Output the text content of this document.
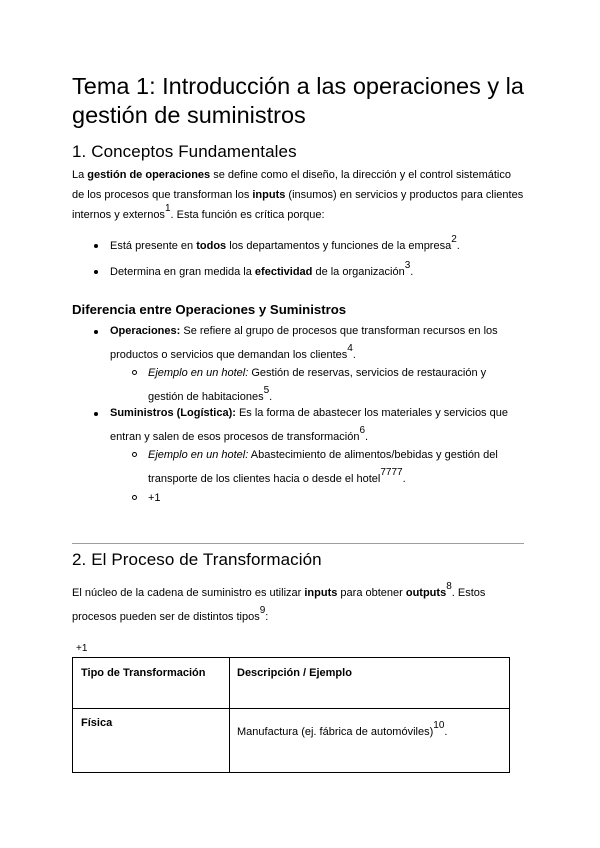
Tema 1: Introducción a las operaciones y la gestión de suministros
1. Conceptos Fundamentales

La gestión de operaciones se define como el diseño, la dirección y el control sistemático de los procesos que transforman los inputs (insumos) en servicios y productos para clientes internos y externos$^1$. Esta función es crítica porque:

Está presente en todos los departamentos y funciones de la empresa$^2$.

Determina en gran medida la efectividad de la organización$^3$.

Diferencia entre Operaciones y Suministros

Operaciones: Se refiere al grupo de procesos que transforman recursos en los productos o servicios que demandan los clientes$^4$.

Ejemplo en un hotel: Gestión de reservas, servicios de restauración y gestión de habitaciones$^5$.

Suministros (Logística): Es la forma de abastecer los materiales y servicios que entran y salen de esos procesos de transformación$^6$.

Ejemplo en un hotel: Abastecimiento de alimentos/bebidas y gestión del transporte de los clientes hacia o desde el hotel$^{7777}$.

+1

2. El Proceso de Transformación

El núcleo de la cadena de suministro es utilizar inputs para obtener outputs$^8$. Estos procesos pueden ser de distintos tipos$^9$:

+1
Tipo de Transformación	Descripción / Ejemplo
Física
Manufactura (ej. fábrica de automóviles)$^{10}$.
